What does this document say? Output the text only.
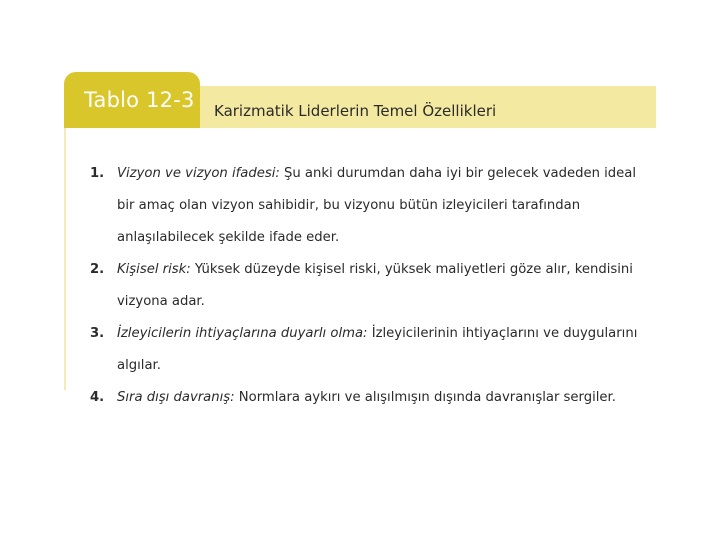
Tablo 12-3 Karizmatik Liderlerin Temel Özellikleri
1. Vizyon ve vizyon ifadesi: Şu anki durumdan daha iyi bir gelecek vadeden ideal bir amaç olan vizyon sahibidir, bu vizyonu bütün izleyicileri tarafından anlaşılabilecek şekilde ifade eder.
2. Kişisel risk: Yüksek düzeyde kişisel riski, yüksek maliyetleri göze alır, kendisini vizyona adar.
3. İzleyicilerin ihtiyaçlarına duyarlı olma: İzleyicilerinin ihtiyaçlarını ve duygularını algılar.
4. Sıra dışı davranış: Normlara aykırı ve alışılmışın dışında davranışlar sergiler.
